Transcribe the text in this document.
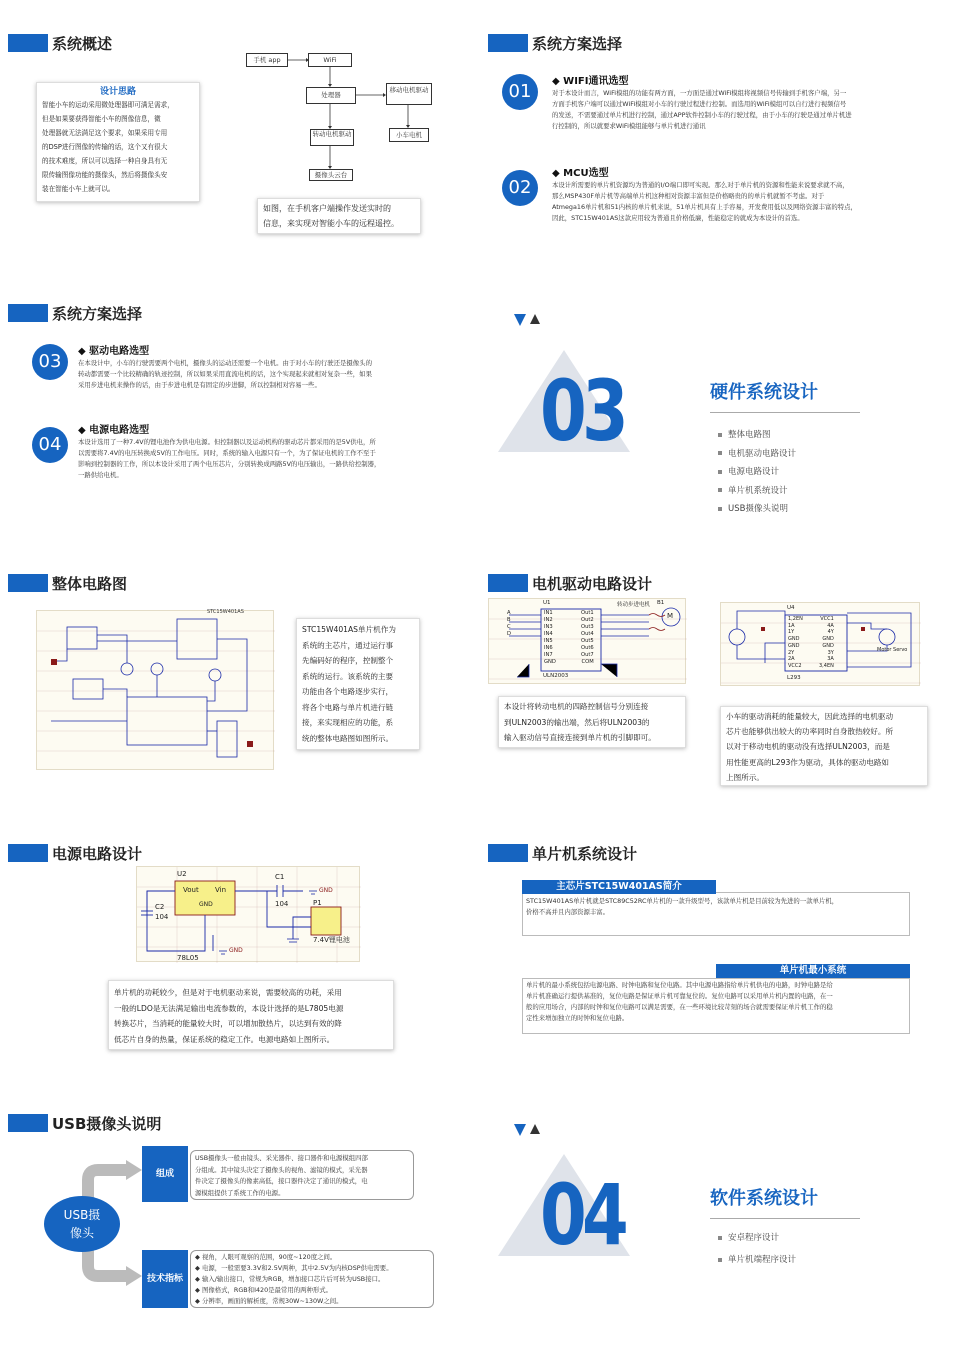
系统概述
设计思路
智能小车的运动采用微处理器即可满足需求，
但是如果要获得智能小车的图像信息，微
处理器就无法满足这个要求，如果采用专用
的DSP进行图像的传输的话，这个又有很大
的技术难度，所以可以选择一种自身具有无
限传输图像功能的摄像头，然后将摄像头安
装在智能小车上就可以。
手机 app	WiFi
处理器
移动电机驱动
转动电机驱动	小车电机
摄像头云台
如图，在手机客户端操作发送实时的
信息，来实现对智能小车的远程遥控。
系统方案选择
01	◆ WIFI通讯选型
对于本设计而言，WiFi模组的功能有两方面，一方面是通过WiFi模组将视频信号传输到手机客户端，另一
方面手机客户端可以通过WiFi模组对小车的行驶过程进行控制。而选用的WiFi模组可以自行进行视频信号
的发送，不需要通过单片机进行控制，通过APP软件控制小车的行驶过程，由于小车的行驶是通过单片机进
行控制的，所以就要求WiFi模组能够与单片机进行通讯
02
◆ MCU选型
本设计所需要的单片机资源均为普通的I/O端口即可实现。那么对于单片机的资源和性能来说要求就不高，
那么MSP430F单片机等高端单片机这种相对资源丰富但是价格略贵的的单片机就暂不考虑。对于
Atmega16单片机和51内核的单片机来说，51单片机具有上手容易，开发费用低以及网络资源丰富的特点，
因此，STC15W401AS这款应用较为普通且价格低廉，性能稳定的就成为本设计的首选。
系统方案选择
03	◆ 驱动电路选型
在本设计中，小车的行驶需要两个电机，摄像头的运动还需要一个电机。由于对小车的行驶还是摄像头的
转动都需要一个比较精确的轨迹控制，所以如果采用直流电机的话，这个实现起来就相对复杂一些，如果
采用步进电机来操作的话，由于步进电机是有固定的步进脚，所以控制相对容易一些。
04
◆ 电源电路选型
本设计选用了一种7.4V的锂电池作为供电电源。但控制器以及运动机构的驱动芯片都采用的是5V供电，所
以需要将7.4V的电压转换成5V的工作电压。同时，系统的输入电源只有一个，为了保证电机的工作不至于
影响到控制器的工作，所以本设计采用了两个电压芯片，分别转换成两路5V的电压输出，一路供给控制器，
一路供给电机。
03	硬件系统设计
整体电路图
电机驱动电路设计
电源电路设计
单片机系统设计
USB摄像头说明
整体电路图
STC15W401AS
STC15W401AS单片机作为
系统的主芯片，通过运行事
先编码好的程序，控制整个
系统的运行。该系统的主要
功能由各个电路逐步实行，
将各个电路与单片机进行链
接，来实现相应的功能，系
统的整体电路图如图所示。
电机驱动电路设计
U1	转动步进电机 B1
M
IN1
IN2
IN3
IN4
IN5
IN6
IN7
GND
Out1
Out2
Out3
Out4
Out5
Out6
Out7
COM
A
B
C
D
ULN2003
本设计将转动电机的四路控制信号分别连接
到ULN2003的输出端，然后将ULN2003的
输入驱动信号直接连接到单片机的引脚即可。
U4
1,2EN
1A
1Y
GND
GND
2Y
2A
VCC2
VCC1
4A
4Y
GND
GND
3Y
3A
3,4EN
Motor Servo
L293
小车的驱动消耗的能量较大，因此选择的电机驱动
芯片也能够供出较大的功率同时自身散热较好。所
以对于移动电机的驱动没有选择ULN2003，而是
用性能更高的L293作为驱动，具体的驱动电路如
上图所示。
电源电路设计
U2
Vout Vin
GND
C1
104
C2
104
78L05
P1
7.4V锂电池
GND
GND
单片机的功耗较少，但是对于电机驱动来说，需要较高的功耗，采用
一般的LDO是无法满足输出电流参数的，本设计选择的是L7805电源
转换芯片，当消耗的能量较大时，可以增加散热片，以达到有效的降
低芯片自身的热量，保证系统的稳定工作。电源电路如上图所示。
单片机系统设计
主芯片STC15W401AS简介
STC15W401AS单片机就是STC89C52RC单片机的一款升级型号，该款单片机是目前较为先进的一款单片机，
价格不高并且内部资源丰富。
单片机最小系统
单片机的最小系统包括电源电路、时钟电路和复位电路。其中电源电路指给单片机供电的电路，时钟电路是给
单片机准确运行提供基准的，复位电路是保证单片机可靠复位的。复位电路可以采用单片机内置的电路，在一
般的应用场合，内部的时钟和复位电路可以满足需要，在一些环境比较苛刻的场合就需要保证单片机工作的稳
定性来增加独立的时钟和复位电路。
USB摄像头说明
USB摄
像头
组成
USB摄像头一般由镜头、采光器件、接口器件和电源模组四部
分组成。其中镜头决定了摄像头的视角、滤镜的模式，采光器
件决定了摄像头的像素高低，接口器件决定了通讯的模式，电
源模组提供了系统工作的电源。
技术指标
◆ 视角，人眼可观察的范围，90度~120度之间。
◆ 电源，一般需要3.3V和2.5V两种，其中2.5V为内核DSP供电需要。
◆ 输入/输出接口，常规为RGB，增加接口芯片后可转为USB接口。
◆ 图像格式，RGB和I420是最常用的两种形式。
◆ 分辨率，画面的解析度，常规30W~130W之间。
04	软件系统设计
安卓程序设计
单片机端程序设计
